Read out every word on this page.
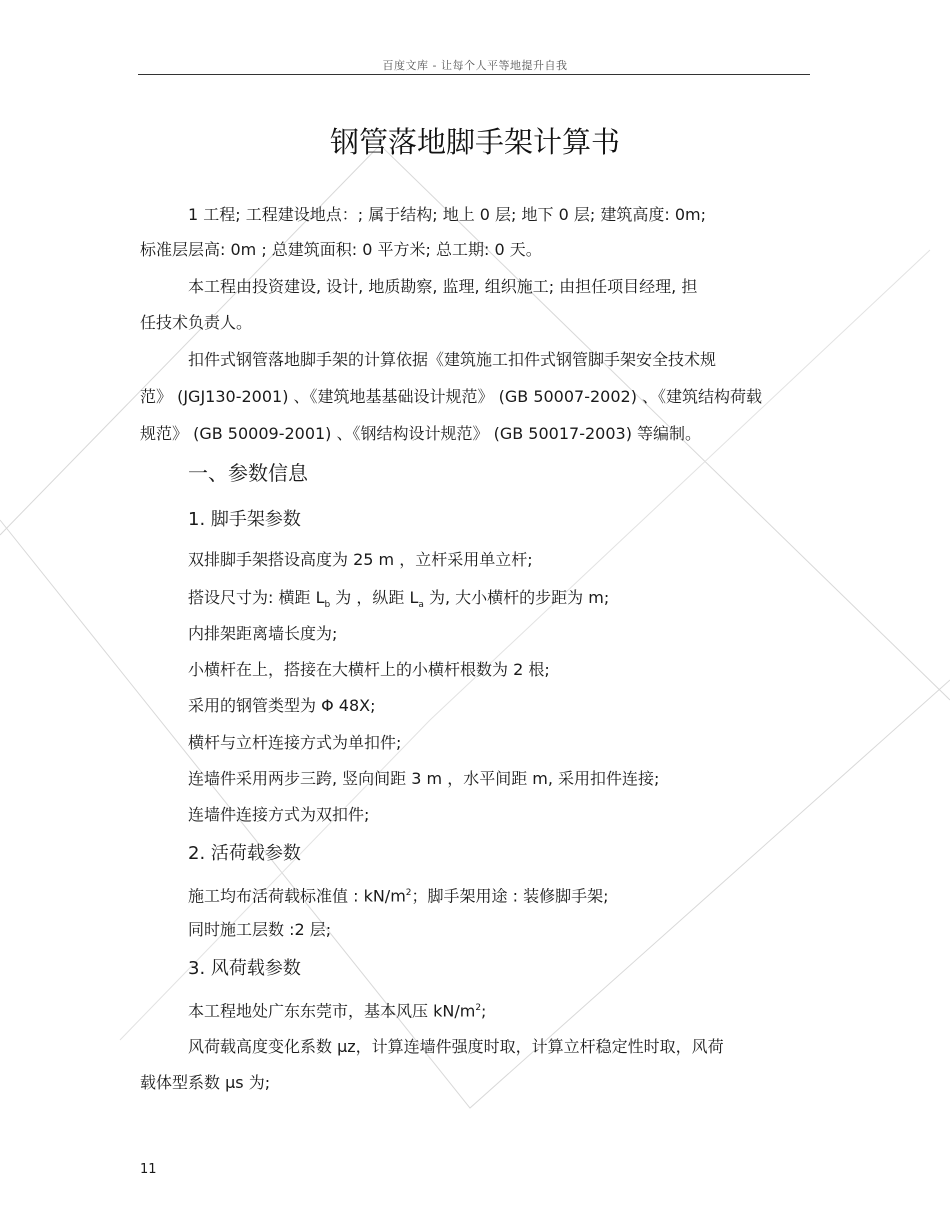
百度文库 - 让每个人平等地提升自我
钢管落地脚手架计算书
1 工程; 工程建设地点：; 属于结构; 地上 0 层; 地下 0 层; 建筑高度: 0m;
标准层层高: 0m ; 总建筑面积: 0 平方米; 总工期: 0 天。
本工程由投资建设, 设计, 地质勘察, 监理, 组织施工; 由担任项目经理, 担
任技术负责人。
扣件式钢管落地脚手架的计算依据《建筑施工扣件式钢管脚手架安全技术规
范》 (JGJ130-2001) 、《建筑地基基础设计规范》 (GB 50007-2002) 、《建筑结构荷载
规范》 (GB 50009-2001) 、《钢结构设计规范》 (GB 50017-2003) 等编制。
一、参数信息
1. 脚手架参数
双排脚手架搭设高度为 25 m ，立杆采用单立杆;
搭设尺寸为: 横距 $L_b$ 为 ，纵距 $L_a$ 为, 大小横杆的步距为 m;
内排架距离墙长度为;
小横杆在上，搭接在大横杆上的小横杆根数为 2 根;
采用的钢管类型为 Φ 48X;
横杆与立杆连接方式为单扣件;
连墙件采用两步三跨, 竖向间距 3 m ，水平间距 m, 采用扣件连接;
连墙件连接方式为双扣件;
2. 活荷载参数
施工均布活荷载标准值 : $kN/m^2$；脚手架用途 : 装修脚手架;
同时施工层数 :2 层;
3. 风荷载参数
本工程地处广东东莞市，基本风压 $kN/m^2$;
风荷载高度变化系数 μz，计算连墙件强度时取，计算立杆稳定性时取，风荷
载体型系数 μs 为;
11
